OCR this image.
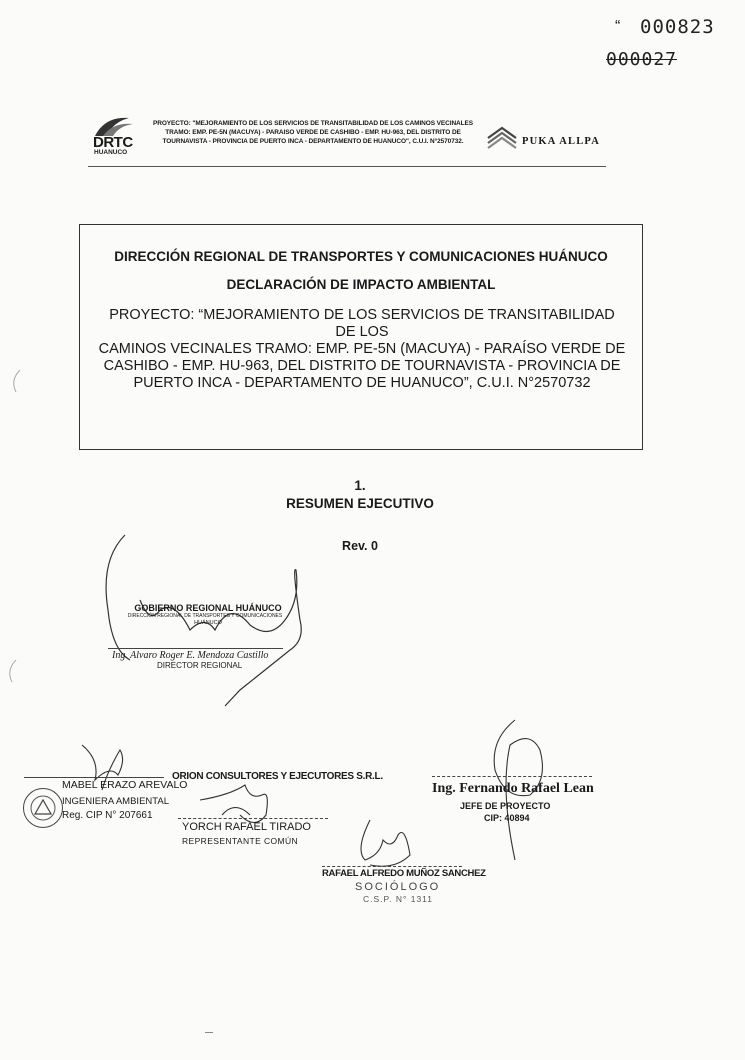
“ 000823
000027
DRTC
HUANUCO
PROYECTO: "MEJORAMIENTO DE LOS SERVICIOS DE TRANSITABILIDAD DE LOS CAMINOS VECINALES TRAMO: EMP. PE-5N (MACUYA) - PARAISO VERDE DE CASHIBO - EMP. HU-963, DEL DISTRITO DE TOURNAVISTA - PROVINCIA DE PUERTO INCA - DEPARTAMENTO DE HUANUCO", C.U.I. N°2570732.	PUKA ALLPA
DIRECCIÓN REGIONAL DE TRANSPORTES Y COMUNICACIONES HUÁNUCO
DECLARACIÓN DE IMPACTO AMBIENTAL
PROYECTO: “MEJORAMIENTO DE LOS SERVICIOS DE TRANSITABILIDAD DE LOS
CAMINOS VECINALES TRAMO: EMP. PE-5N (MACUYA) - PARAÍSO VERDE DE
CASHIBO - EMP. HU-963, DEL DISTRITO DE TOURNAVISTA - PROVINCIA DE
PUERTO INCA - DEPARTAMENTO DE HUANUCO”, C.U.I. N°2570732
1.
RESUMEN EJECUTIVO
Rev. 0
GOBIERNO REGIONAL HUÁNUCO
DIRECCIÓN REGIONAL DE TRANSPORTES Y COMUNICACIONES
HUÁNUCO
Ing. Alvaro Roger E. Mendoza Castillo
DIRECTOR REGIONAL
MABEL ERAZO AREVALO
INGENIERA AMBIENTAL
Reg. CIP N° 207661
ORION CONSULTORES Y EJECUTORES S.R.L.
YORCH RAFAEL TIRADO
REPRESENTANTE COMÚN
Ing. Fernando Rafael Lean
JEFE DE PROYECTO
CIP: 40894
RAFAEL ALFREDO MUÑOZ SANCHEZ
SOCIÓLOGO
C.S.P. N° 1311
